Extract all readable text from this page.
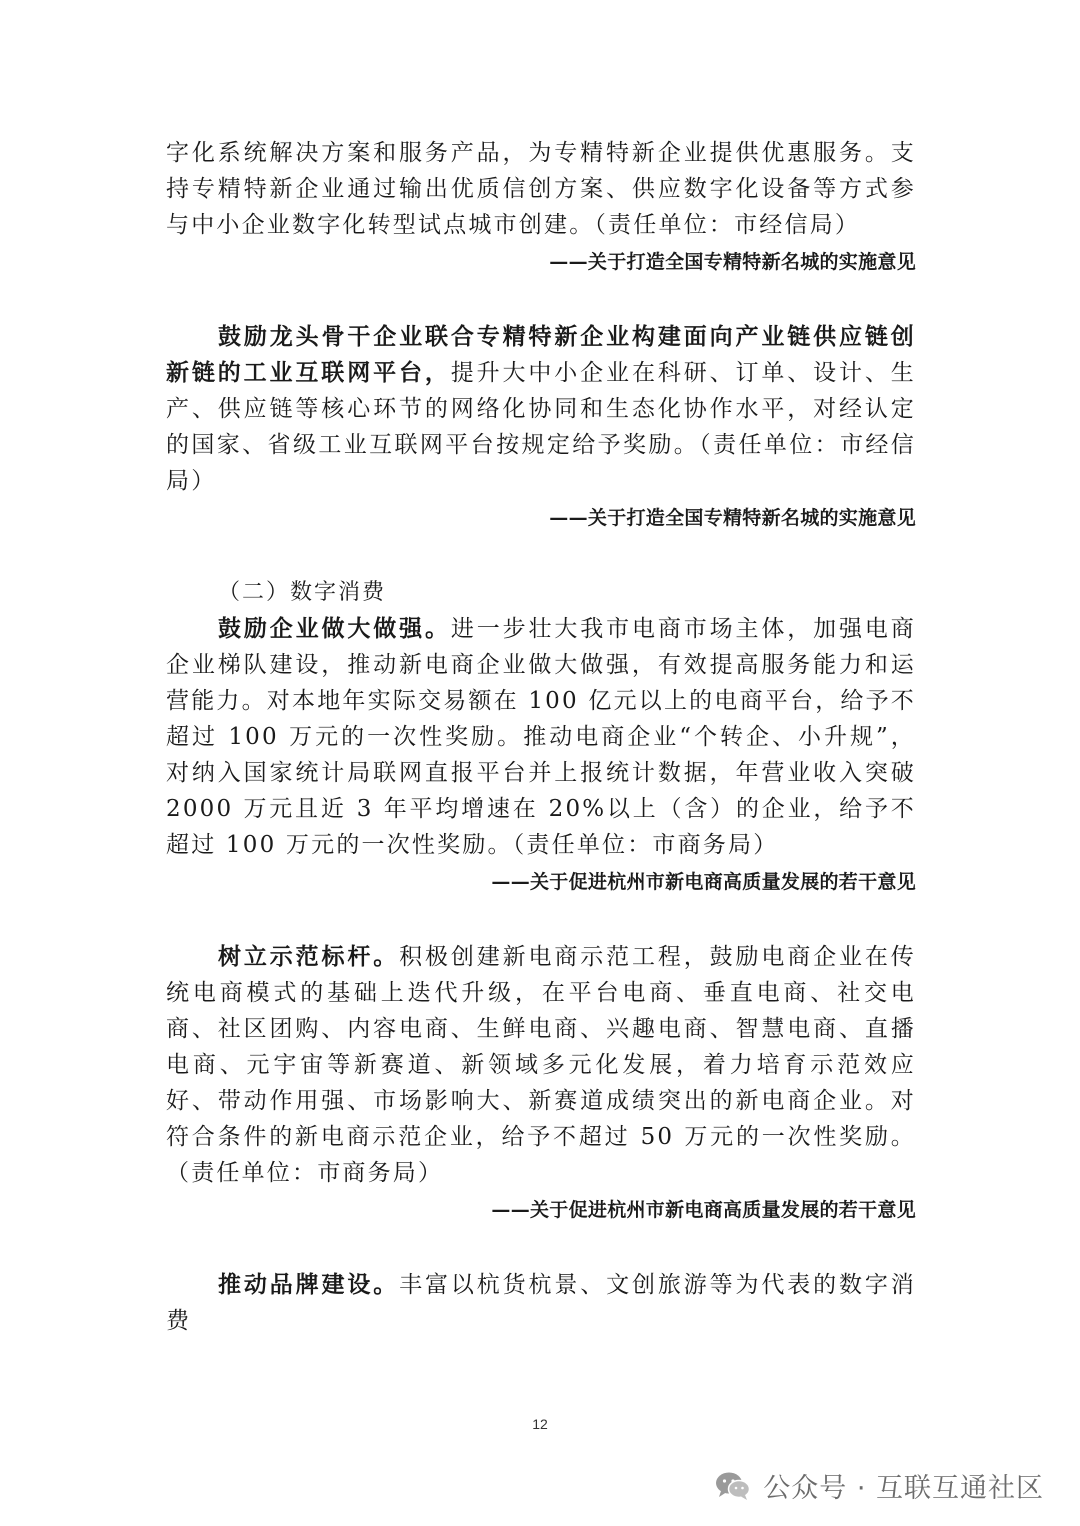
字化系统解决方案和服务产品，为专精特新企业提供优惠服务。支持专精特新企业通过输出优质信创方案、供应数字化设备等方式参与中小企业数字化转型试点城市创建。（责任单位：市经信局）

——关于打造全国专精特新名城的实施意见

鼓励龙头骨干企业联合专精特新企业构建面向产业链供应链创新链的工业互联网平台，提升大中小企业在科研、订单、设计、生产、供应链等核心环节的网络化协同和生态化协作水平，对经认定的国家、省级工业互联网平台按规定给予奖励。（责任单位：市经信局）

——关于打造全国专精特新名城的实施意见

（二）数字消费

鼓励企业做大做强。进一步壮大我市电商市场主体，加强电商企业梯队建设，推动新电商企业做大做强，有效提高服务能力和运营能力。对本地年实际交易额在 100 亿元以上的电商平台，给予不超过 100 万元的一次性奖励。推动电商企业“个转企、小升规”，对纳入国家统计局联网直报平台并上报统计数据，年营业收入突破 2000 万元且近 3 年平均增速在 20%以上（含）的企业，给予不超过 100 万元的一次性奖励。（责任单位：市商务局）

——关于促进杭州市新电商高质量发展的若干意见

树立示范标杆。积极创建新电商示范工程，鼓励电商企业在传统电商模式的基础上迭代升级，在平台电商、垂直电商、社交电商、社区团购、内容电商、生鲜电商、兴趣电商、智慧电商、直播电商、元宇宙等新赛道、新领域多元化发展，着力培育示范效应好、带动作用强、市场影响大、新赛道成绩突出的新电商企业。对符合条件的新电商示范企业，给予不超过 50 万元的一次性奖励。（责任单位：市商务局）

——关于促进杭州市新电商高质量发展的若干意见

推动品牌建设。丰富以杭货杭景、文创旅游等为代表的数字消费

12
公众号 · 互联互通社区
